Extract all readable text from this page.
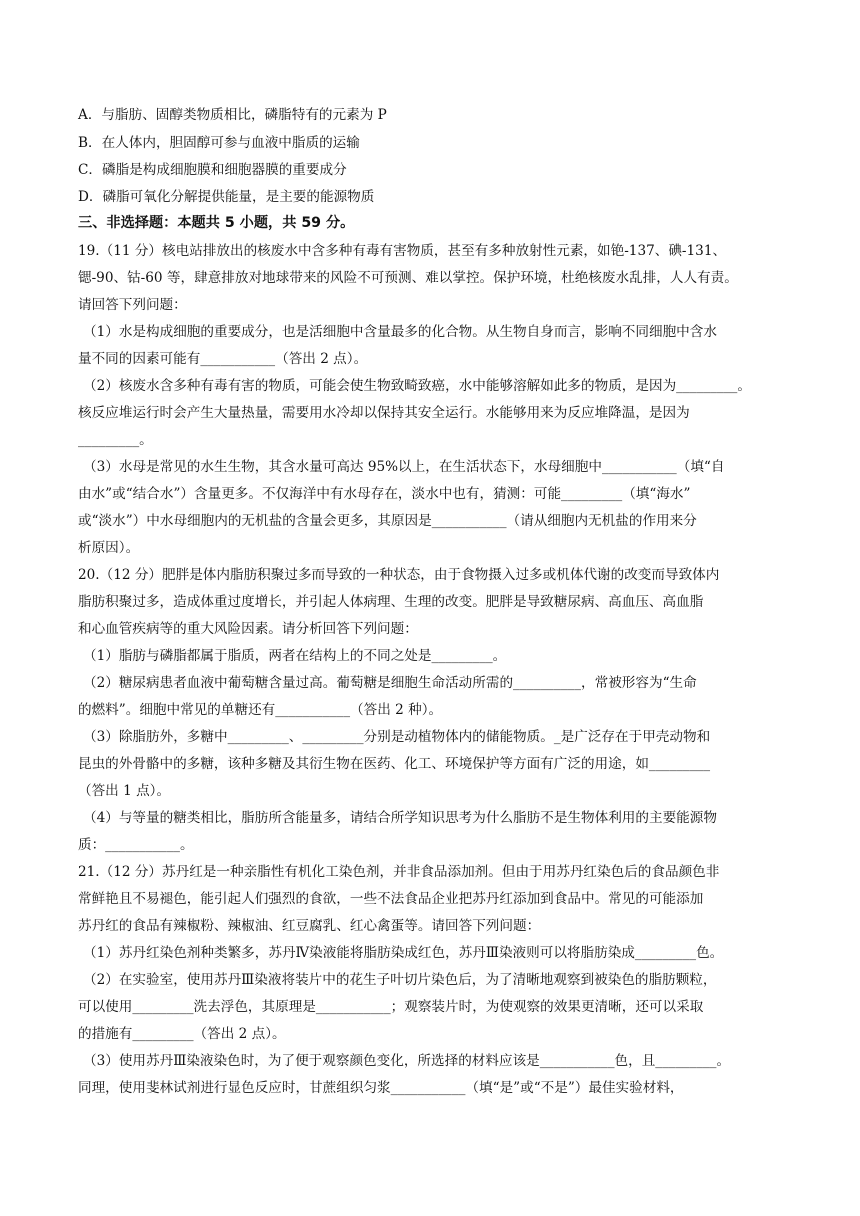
A．与脂肪、固醇类物质相比，磷脂特有的元素为 P
B．在人体内，胆固醇可参与血液中脂质的运输
C．磷脂是构成细胞膜和细胞器膜的重要成分
D．磷脂可氧化分解提供能量，是主要的能源物质
三、非选择题：本题共 5 小题，共 59 分。
19.（11 分）核电站排放出的核废水中含多种有毒有害物质，甚至有多种放射性元素，如铯-137、碘-131、
锶-90、钴-60 等，肆意排放对地球带来的风险不可预测、难以掌控。保护环境，杜绝核废水乱排，人人有责。
请回答下列问题：
（1）水是构成细胞的重要成分，也是活细胞中含量最多的化合物。从生物自身而言，影响不同细胞中含水
量不同的因素可能有___________（答出 2 点）。
（2）核废水含多种有毒有害的物质，可能会使生物致畸致癌，水中能够溶解如此多的物质，是因为_________。
核反应堆运行时会产生大量热量，需要用水冷却以保持其安全运行。水能够用来为反应堆降温，是因为
_________。
（3）水母是常见的水生生物，其含水量可高达 95%以上，在生活状态下，水母细胞中___________（填“自
由水”或“结合水”）含量更多。不仅海洋中有水母存在，淡水中也有，猜测：可能_________（填“海水”
或“淡水”）中水母细胞内的无机盐的含量会更多，其原因是___________（请从细胞内无机盐的作用来分
析原因）。
20.（12 分）肥胖是体内脂肪积聚过多而导致的一种状态，由于食物摄入过多或机体代谢的改变而导致体内
脂肪积聚过多，造成体重过度增长，并引起人体病理、生理的改变。肥胖是导致糖尿病、高血压、高血脂
和心血管疾病等的重大风险因素。请分析回答下列问题：
（1）脂肪与磷脂都属于脂质，两者在结构上的不同之处是_________。
（2）糖尿病患者血液中葡萄糖含量过高。葡萄糖是细胞生命活动所需的__________，常被形容为“生命
的燃料”。细胞中常见的单糖还有___________（答出 2 种）。
（3）除脂肪外，多糖中_________、_________分别是动植物体内的储能物质。_是广泛存在于甲壳动物和
昆虫的外骨骼中的多糖，该种多糖及其衍生物在医药、化工、环境保护等方面有广泛的用途，如_________
（答出 1 点）。
（4）与等量的糖类相比，脂肪所含能量多，请结合所学知识思考为什么脂肪不是生物体利用的主要能源物
质：___________。
21.（12 分）苏丹红是一种亲脂性有机化工染色剂，并非食品添加剂。但由于用苏丹红染色后的食品颜色非
常鲜艳且不易褪色，能引起人们强烈的食欲，一些不法食品企业把苏丹红添加到食品中。常见的可能添加
苏丹红的食品有辣椒粉、辣椒油、红豆腐乳、红心禽蛋等。请回答下列问题：
（1）苏丹红染色剂种类繁多，苏丹Ⅳ染液能将脂肪染成红色，苏丹Ⅲ染液则可以将脂肪染成_________色。
（2）在实验室，使用苏丹Ⅲ染液将装片中的花生子叶切片染色后，为了清晰地观察到被染色的脂肪颗粒，
可以使用_________洗去浮色，其原理是___________；观察装片时，为使观察的效果更清晰，还可以采取
的措施有_________（答出 2 点）。
（3）使用苏丹Ⅲ染液染色时，为了便于观察颜色变化，所选择的材料应该是___________色，且_________。
同理，使用斐林试剂进行显色反应时，甘蔗组织匀浆___________（填“是”或“不是”）最佳实验材料，
